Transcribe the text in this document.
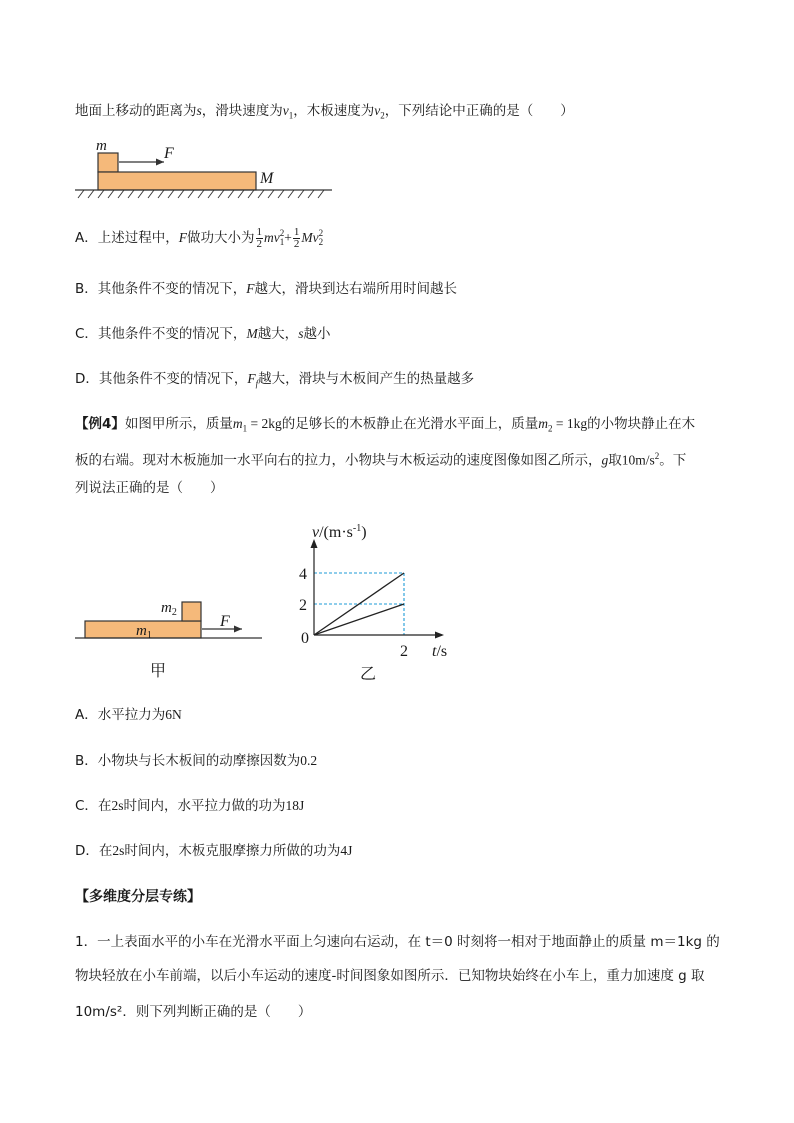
地面上移动的距离为s，滑块速度为$v_1$，木板速度为$v_2$，下列结论中正确的是（　　）
m	F
M
A．上述过程中，F做功大小为 $\frac{1}{2}$ mv 2
$1 + \frac{1}{2}$ Mv 2
2
B．其他条件不变的情况下，F越大，滑块到达右端所用时间越长
C．其他条件不变的情况下，M越大，s越小
D．其他条件不变的情况下，$F_f$越大，滑块与木板间产生的热量越多
【例4】如图甲所示，质量$m_1 = 2kg$的足够长的木板静止在光滑水平面上，质量$m_2 = 1kg$的小物块静止在木
板的右端。现对木板施加一水平向右的拉力，小物块与木板运动的速度图像如图乙所示，g取$10m/s^2$。下
列说法正确的是（　　）
$m_2$
$m_1$
F
甲
2
4
2
$v/(m\cdot s^{-1})$
t/s
0
乙
A．水平拉力为6N
B．小物块与长木板间的动摩擦因数为0.2
C．在2s时间内，水平拉力做的功为18J
D．在2s时间内，木板克服摩擦力所做的功为4J
【多维度分层专练】
1．一上表面水平的小车在光滑水平面上匀速向右运动，在 t＝0 时刻将一相对于地面静止的质量 m＝1kg 的
物块轻放在小车前端，以后小车运动的速度-时间图象如图所示．已知物块始终在小车上，重力加速度 g 取
10m/s²．则下列判断正确的是（　　）
